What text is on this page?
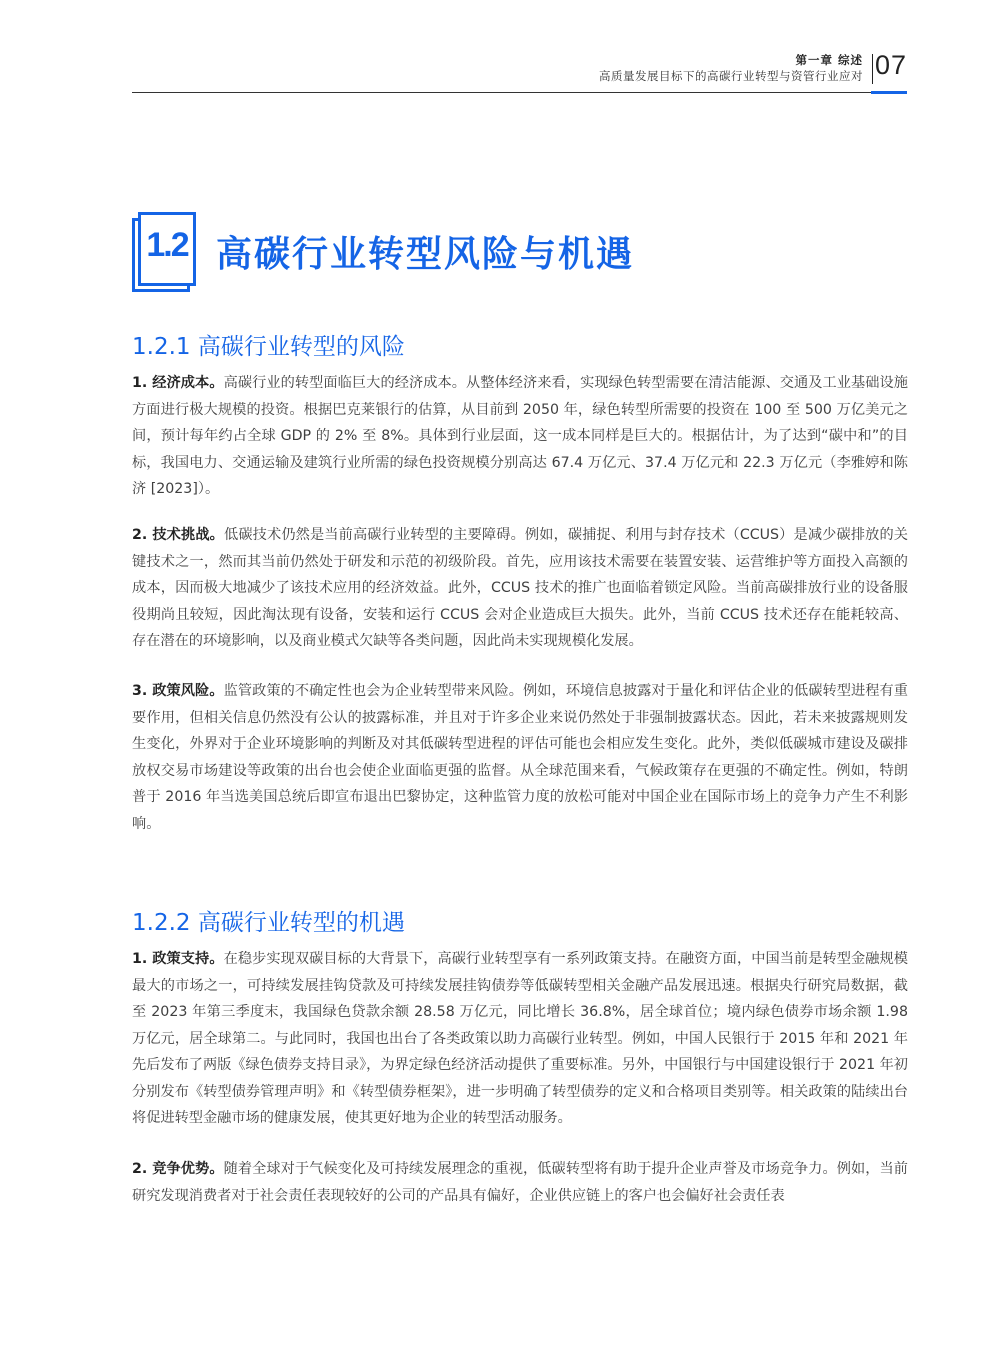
第一章 综述
高质量发展目标下的高碳行业转型与资管行业应对 07
1.2 高碳行业转型风险与机遇
1.2.1 高碳行业转型的风险
1. 经济成本。高碳行业的转型面临巨大的经济成本。从整体经济来看，实现绿色转型需要在清洁能源、交通及工业基础设施方面进行极大规模的投资。根据巴克莱银行的估算，从目前到 2050 年，绿色转型所需要的投资在 100 至 500 万亿美元之间，预计每年约占全球 GDP 的 2% 至 8%。具体到行业层面，这一成本同样是巨大的。根据估计，为了达到“碳中和”的目标，我国电力、交通运输及建筑行业所需的绿色投资规模分别高达 67.4 万亿元、37.4 万亿元和 22.3 万亿元（李雅婷和陈济 [2023]）。
2. 技术挑战。低碳技术仍然是当前高碳行业转型的主要障碍。例如，碳捕捉、利用与封存技术（CCUS）是减少碳排放的关键技术之一，然而其当前仍然处于研发和示范的初级阶段。首先，应用该技术需要在装置安装、运营维护等方面投入高额的成本，因而极大地减少了该技术应用的经济效益。此外，CCUS 技术的推广也面临着锁定风险。当前高碳排放行业的设备服役期尚且较短，因此淘汰现有设备，安装和运行 CCUS 会对企业造成巨大损失。此外，当前 CCUS 技术还存在能耗较高、存在潜在的环境影响，以及商业模式欠缺等各类问题，因此尚未实现规模化发展。
3. 政策风险。监管政策的不确定性也会为企业转型带来风险。例如，环境信息披露对于量化和评估企业的低碳转型进程有重要作用，但相关信息仍然没有公认的披露标准，并且对于许多企业来说仍然处于非强制披露状态。因此，若未来披露规则发生变化，外界对于企业环境影响的判断及对其低碳转型进程的评估可能也会相应发生变化。此外，类似低碳城市建设及碳排放权交易市场建设等政策的出台也会使企业面临更强的监督。从全球范围来看，气候政策存在更强的不确定性。例如，特朗普于 2016 年当选美国总统后即宣布退出巴黎协定，这种监管力度的放松可能对中国企业在国际市场上的竞争力产生不利影响。
1.2.2 高碳行业转型的机遇
1. 政策支持。在稳步实现双碳目标的大背景下，高碳行业转型享有一系列政策支持。在融资方面，中国当前是转型金融规模最大的市场之一，可持续发展挂钩贷款及可持续发展挂钩债券等低碳转型相关金融产品发展迅速。根据央行研究局数据，截至 2023 年第三季度末，我国绿色贷款余额 28.58 万亿元，同比增长 36.8%，居全球首位；境内绿色债券市场余额 1.98 万亿元，居全球第二。与此同时，我国也出台了各类政策以助力高碳行业转型。例如，中国人民银行于 2015 年和 2021 年先后发布了两版《绿色债券支持目录》，为界定绿色经济活动提供了重要标准。另外，中国银行与中国建设银行于 2021 年初分别发布《转型债券管理声明》和《转型债券框架》，进一步明确了转型债券的定义和合格项目类别等。相关政策的陆续出台将促进转型金融市场的健康发展，使其更好地为企业的转型活动服务。
2. 竞争优势。随着全球对于气候变化及可持续发展理念的重视，低碳转型将有助于提升企业声誉及市场竞争力。例如，当前研究发现消费者对于社会责任表现较好的公司的产品具有偏好，企业供应链上的客户也会偏好社会责任表
